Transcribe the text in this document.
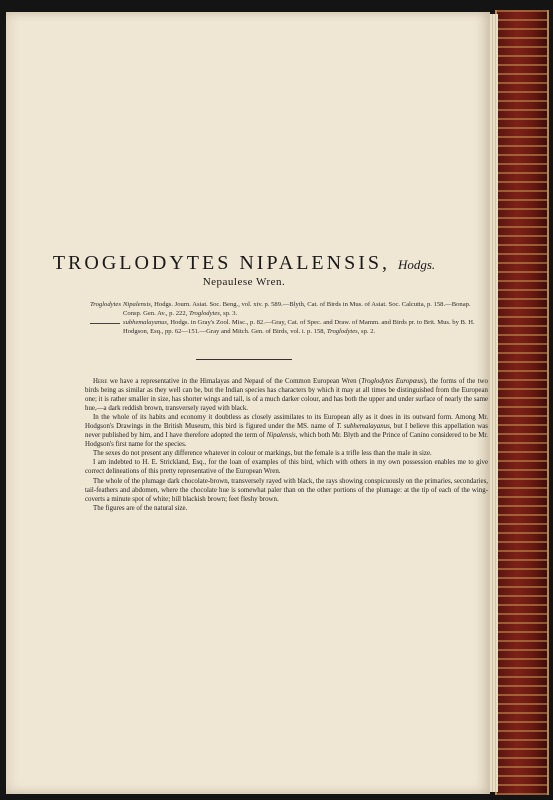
TROGLODYTES NIPALENSIS, Hodgs.
Nepaulese Wren.
Troglodytes Nipalensis, Hodgs. Journ. Asiat. Soc. Beng., vol. xiv. p. 589.—Blyth, Cat. of Birds in Mus. of Asiat. Soc. Calcutta, p. 158.—Bonap. Consp. Gen. Av., p. 222, Troglodytes, sp. 3.
subhemalayanus, Hodgs. in Gray's Zool. Misc., p. 82.—Gray, Cat. of Spec. and Draw. of Mamm. and Birds pr. to Brit. Mus. by B. H. Hodgson, Esq., pp. 62—151.—Gray and Mitch. Gen. of Birds, vol. i. p. 158, Troglodytes, sp. 2.

Here we have a representative in the Himalayas and Nepaul of the Common European Wren (Troglodytes Europæus), the forms of the two birds being as similar as they well can be, but the Indian species has characters by which it may at all times be distinguished from the European one; it is rather smaller in size, has shorter wings and tail, is of a much darker colour, and has both the upper and under surface of nearly the same hue,—a dark reddish brown, transversely rayed with black.

In the whole of its habits and economy it doubtless as closely assimilates to its European ally as it does in its outward form. Among Mr. Hodgson's Drawings in the British Museum, this bird is figured under the MS. name of T. subhemalayanus, but I believe this appellation was never published by him, and I have therefore adopted the term of Nipalensis, which both Mr. Blyth and the Prince of Canino considered to be Mr. Hodgson's first name for the species.

The sexes do not present any difference whatever in colour or markings, but the female is a trifle less than the male in size.

I am indebted to H. E. Strickland, Esq., for the loan of examples of this bird, which with others in my own possession enables me to give correct delineations of this pretty representative of the European Wren.

The whole of the plumage dark chocolate-brown, transversely rayed with black, the rays showing conspicuously on the primaries, secondaries, tail-feathers and abdomen, where the chocolate hue is somewhat paler than on the other portions of the plumage: at the tip of each of the wing-coverts a minute spot of white; bill blackish brown; feet fleshy brown.

The figures are of the natural size.
